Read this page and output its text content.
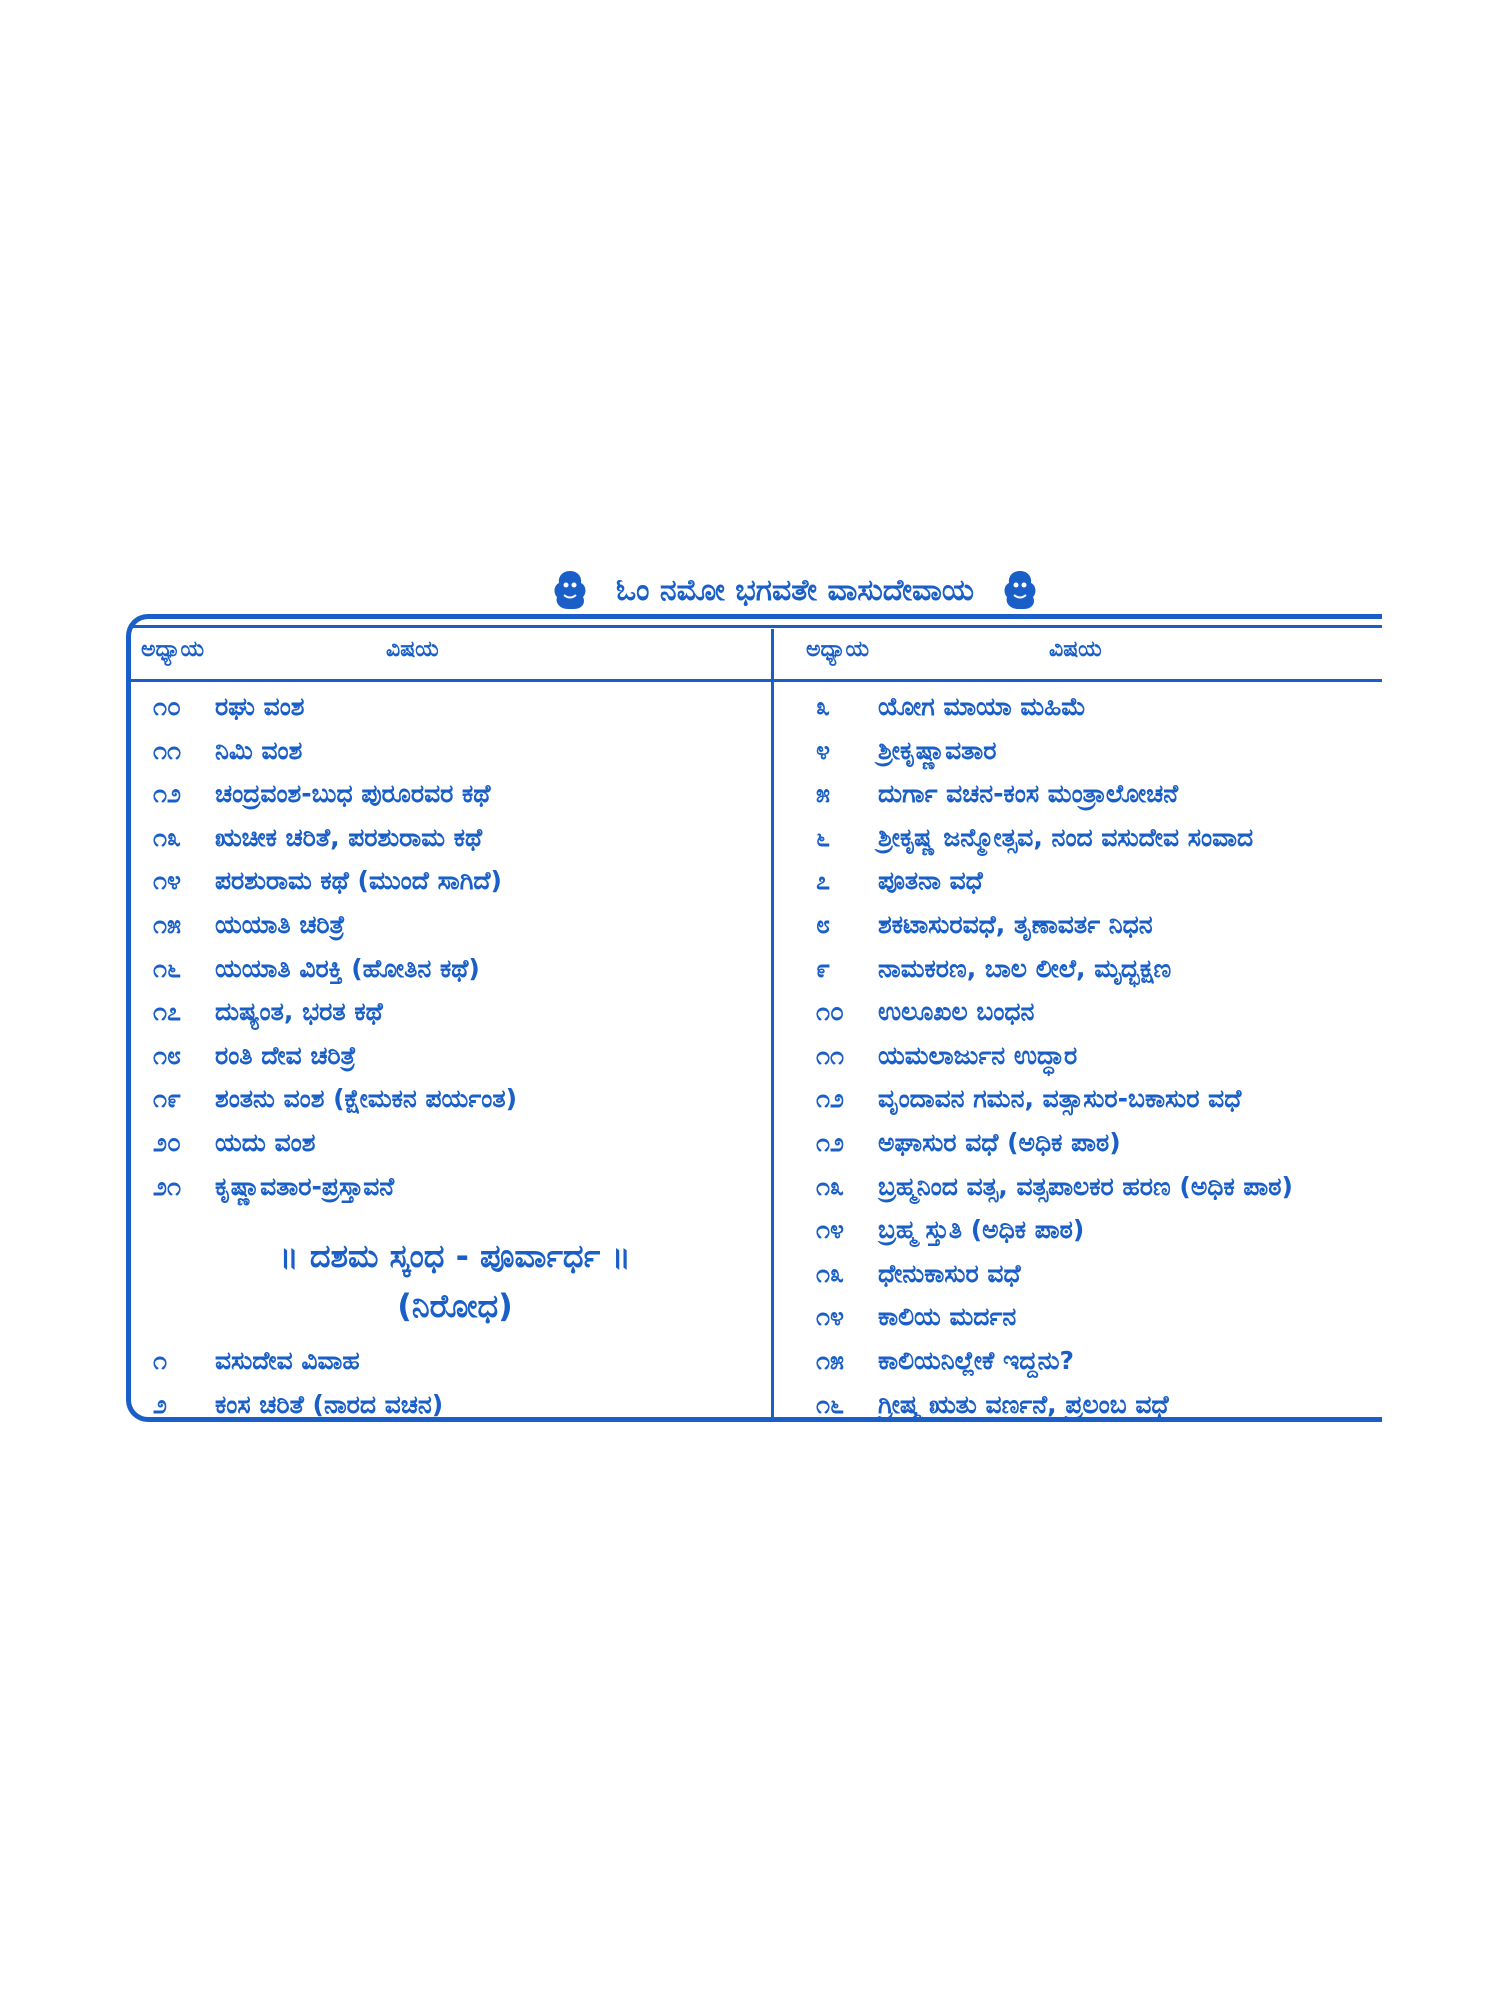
ಓಂ ನಮೋ ಭಗವತೇ ವಾಸುದೇವಾಯ
ಅಧ್ಯಾಯ	ವಿಷಯ	ಅಧ್ಯಾಯ	ವಿಷಯ
೧೦	ರಘು ವಂಶ
೧೧	ನಿಮಿ ವಂಶ
೧೨	ಚಂದ್ರವಂಶ-ಬುಧ ಪುರೂರವರ ಕಥೆ
೧೩	ಋಚೀಕ ಚರಿತೆ, ಪರಶುರಾಮ ಕಥೆ
೧೪	ಪರಶುರಾಮ ಕಥೆ (ಮುಂದೆ ಸಾಗಿದೆ)
೧೫	ಯಯಾತಿ ಚರಿತ್ರೆ
೧೬	ಯಯಾತಿ ವಿರಕ್ತಿ (ಹೋತಿನ ಕಥೆ)
೧೭	ದುಷ್ಯಂತ, ಭರತ ಕಥೆ
೧೮	ರಂತಿ ದೇವ ಚರಿತ್ರೆ
೧೯	ಶಂತನು ವಂಶ (ಕ್ಷೇಮಕನ ಪರ್ಯಂತ)
೨೦	ಯದು ವಂಶ
೨೧	ಕೃಷ್ಣಾವತಾರ-ಪ್ರಸ್ತಾವನೆ
॥ ದಶಮ ಸ್ಕಂಧ - ಪೂರ್ವಾರ್ಧ ॥
(ನಿರೋಧ)
೧	ವಸುದೇವ ವಿವಾಹ
೨	ಕಂಸ ಚರಿತೆ (ನಾರದ ವಚನ)
೩	ಯೋಗ ಮಾಯಾ ಮಹಿಮೆ
೪	ಶ್ರೀಕೃಷ್ಣಾವತಾರ
೫	ದುರ್ಗಾ ವಚನ-ಕಂಸ ಮಂತ್ರಾಲೋಚನೆ
೬	ಶ್ರೀಕೃಷ್ಣ ಜನ್ಮೋತ್ಸವ, ನಂದ ವಸುದೇವ ಸಂವಾದ
೭	ಪೂತನಾ ವಧೆ
೮	ಶಕಟಾಸುರವಧೆ, ತೃಣಾವರ್ತ ನಿಧನ
೯	ನಾಮಕರಣ, ಬಾಲ ಲೀಲೆ, ಮೃದ್ಭಕ್ಷಣ
೧೦	ಉಲೂಖಲ ಬಂಧನ
೧೧	ಯಮಲಾರ್ಜುನ ಉದ್ಧಾರ
೧೨	ವೃಂದಾವನ ಗಮನ, ವತ್ಸಾಸುರ-ಬಕಾಸುರ ವಧೆ
೧೨	ಅಘಾಸುರ ವಧೆ (ಅಧಿಕ ಪಾಠ)
೧೩	ಬ್ರಹ್ಮನಿಂದ ವತ್ಸ, ವತ್ಸಪಾಲಕರ ಹರಣ (ಅಧಿಕ ಪಾಠ)
೧೪	ಬ್ರಹ್ಮ ಸ್ತುತಿ (ಅಧಿಕ ಪಾಠ)
೧೩	ಧೇನುಕಾಸುರ ವಧೆ
೧೪	ಕಾಲಿಯ ಮರ್ದನ
೧೫	ಕಾಲಿಯನಿಲ್ಲೇಕೆ ಇದ್ದನು?
೧೬	ಗ್ರೀಷ್ಮ ಋತು ವರ್ಣನೆ, ಪ್ರಲಂಬ ವಧೆ
